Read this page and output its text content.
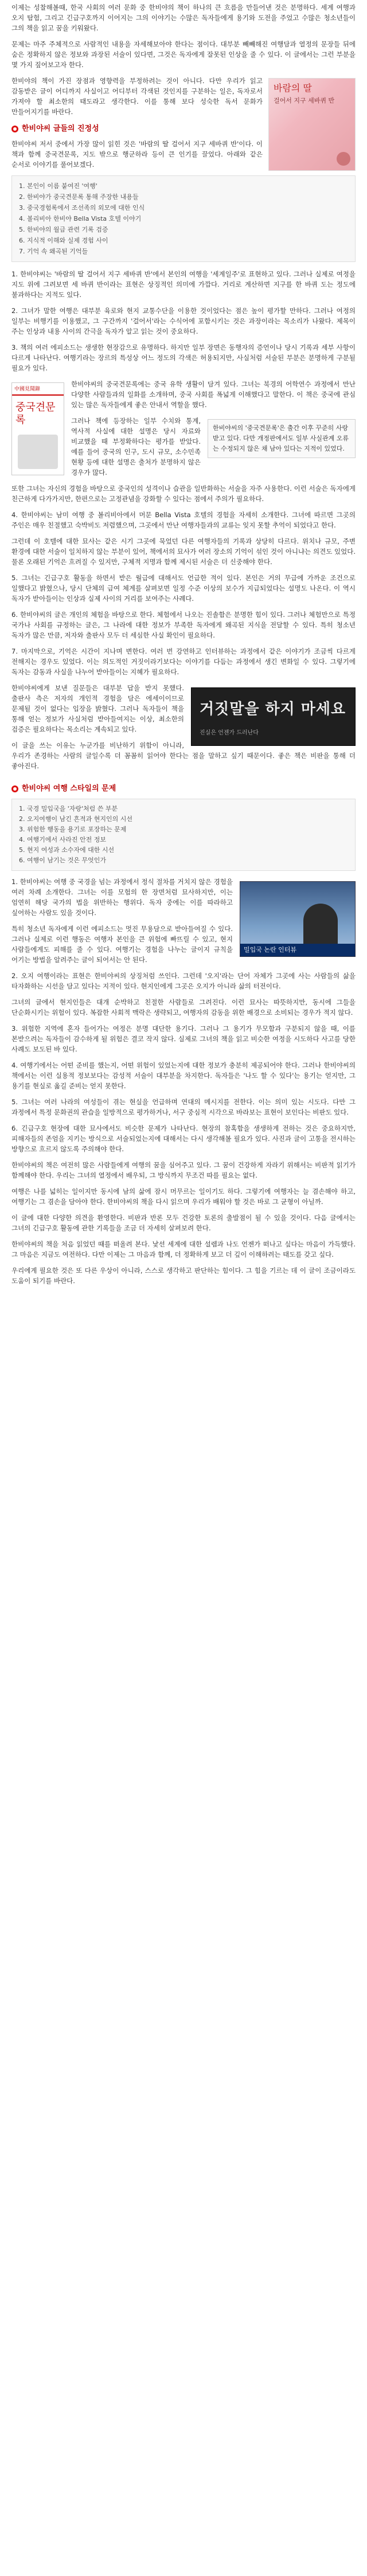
이제는 성찰해볼때, 한국 사회의 여러 문화 중 한비야의 책이 하나의 큰 흐름을 만들어낸 것은 분명하다. 세계 여행과 오지 탐험, 그리고 긴급구호까지 이어지는 그의 이야기는 수많은 독자들에게 용기와 도전을 주었고 수많은 청소년들이 그의 책을 읽고 꿈을 키워왔다.

문제는 마주 주체적으로 사람적인 내용을 자세해보아야 한다는 점이다. 대부분 빼빼해진 여행담과 열정의 문장들 뒤에 숨은 정확하지 않은 정보와 과장된 서술이 있다면, 그것은 독자에게 잘못된 인상을 줄 수 있다. 이 글에서는 그런 부분을 몇 가지 짚어보고자 한다.

바람의 딸
걸어서 지구 세바퀴 반

한비야의 책이 가진 장점과 영향력을 부정하려는 것이 아니다. 다만 우리가 읽고 감동받은 글이 어디까지 사실이고 어디부터 각색된 것인지를 구분하는 일은, 독자로서 가져야 할 최소한의 태도라고 생각한다. 이를 통해 보다 성숙한 독서 문화가 만들어지기를 바란다.

한비야씨 글들의 진정성

한비야씨 저서 중에서 가장 많이 읽힌 것은 '바람의 딸 걸어서 지구 세바퀴 반'이다. 이 책과 함께 중국견문록, 지도 밖으로 행군하라 등이 큰 인기를 끌었다. 아래와 같은 순서로 이야기를 풀어보겠다.

1. 본인이 이름 붙여진 '여행'
2. 한비야가 중국견문록 통해 주장한 내용들
3. 중국경험록에서 조선족의 외모에 대한 인식
4. 볼리비아 한비야 Bella Vista 호텔 이야기
5. 한비야의 월급 관련 기록 검증
6. 지식적 이해와 실제 경험 사이
7. 기억 속 왜곡된 기억들

1. 한비야씨는 '바람의 딸 걸어서 지구 세바퀴 반'에서 본인의 여행을 '세계일주'로 표현하고 있다. 그러나 실제로 여정을 지도 위에 그려보면 세 바퀴 반이라는 표현은 상징적인 의미에 가깝다. 거리로 계산하면 지구를 한 바퀴 도는 정도에 불과하다는 지적도 있다.

2. 그녀가 말한 여행은 대부분 육로와 현지 교통수단을 이용한 것이었다는 점은 높이 평가할 만하다. 그러나 여정의 일부는 비행기를 이용했고, 그 구간까지 '걸어서'라는 수식어에 포함시키는 것은 과장이라는 목소리가 나왔다. 제목이 주는 인상과 내용 사이의 간극을 독자가 알고 읽는 것이 중요하다.

3. 책의 여러 에피소드는 생생한 현장감으로 유명하다. 하지만 일부 장면은 동행자의 증언이나 당시 기록과 세부 사항이 다르게 나타난다. 여행기라는 장르의 특성상 어느 정도의 각색은 허용되지만, 사실처럼 서술된 부분은 분명하게 구분될 필요가 있다.

中國見聞錄
중국견문록

한비야씨의 중국견문록에는 중국 유학 생활이 담겨 있다. 그녀는 북경의 어학연수 과정에서 만난 다양한 사람들과의 일화를 소개하며, 중국 사회를 폭넓게 이해했다고 말한다. 이 책은 중국에 관심 있는 많은 독자들에게 좋은 안내서 역할을 했다.

한비야씨의 '중국견문록'은 출간 이후 꾸준히 사랑받고 있다. 다만 개정판에서도 일부 사실관계 오류는 수정되지 않은 채 남아 있다는 지적이 있었다.

그러나 책에 등장하는 일부 수치와 통계, 역사적 사실에 대한 설명은 당시 자료와 비교했을 때 부정확하다는 평가를 받았다. 예를 들어 중국의 인구, 도시 규모, 소수민족 현황 등에 대한 설명은 출처가 분명하지 않은 경우가 많다.

또한 그녀는 자신의 경험을 바탕으로 중국인의 성격이나 습관을 일반화하는 서술을 자주 사용한다. 이런 서술은 독자에게 친근하게 다가가지만, 한편으로는 고정관념을 강화할 수 있다는 점에서 주의가 필요하다.

4. 한비야씨는 남미 여행 중 볼리비아에서 머문 Bella Vista 호텔의 경험을 자세히 소개한다. 그녀에 따르면 그곳의 주인은 매우 친절했고 숙박비도 저렴했으며, 그곳에서 만난 여행자들과의 교류는 잊지 못할 추억이 되었다고 한다.

그런데 이 호텔에 대한 묘사는 같은 시기 그곳에 묵었던 다른 여행자들의 기록과 상당히 다르다. 위치나 규모, 주변 환경에 대한 서술이 일치하지 않는 부분이 있어, 책에서의 묘사가 여러 장소의 기억이 섞인 것이 아니냐는 의견도 있었다. 물론 오래된 기억은 흐려질 수 있지만, 구체적 지명과 함께 제시된 서술은 더 신중해야 한다.

5. 그녀는 긴급구호 활동을 하면서 받은 월급에 대해서도 언급한 적이 있다. 본인은 거의 무급에 가까운 조건으로 일했다고 밝혔으나, 당시 단체의 급여 체계를 살펴보면 일정 수준 이상의 보수가 지급되었다는 설명도 나온다. 이 역시 독자가 받아들이는 인상과 실제 사이의 거리를 보여주는 사례다.

6. 한비야씨의 글은 개인의 체험을 바탕으로 한다. 체험에서 나오는 진솔함은 분명한 힘이 있다. 그러나 체험만으로 특정 국가나 사회를 규정하는 글은, 그 나라에 대한 정보가 부족한 독자에게 왜곡된 지식을 전달할 수 있다. 특히 청소년 독자가 많은 만큼, 저자와 출판사 모두 더 세심한 사실 확인이 필요하다.

7. 마지막으로, 기억은 시간이 지나며 변한다. 여러 번 강연하고 인터뷰하는 과정에서 같은 이야기가 조금씩 다르게 전해지는 경우도 있었다. 이는 의도적인 거짓이라기보다는 이야기를 다듬는 과정에서 생긴 변화일 수 있다. 그렇기에 독자는 감동과 사실을 나누어 받아들이는 지혜가 필요하다.

거짓말을 하지 마세요
진실은 언젠가 드러난다

한비야씨에게 보낸 질문들은 대부분 답을 받지 못했다. 출판사 측은 저자의 개인적 경험을 담은 에세이이므로 문제될 것이 없다는 입장을 밝혔다. 그러나 독자들이 책을 통해 얻는 정보가 사실처럼 받아들여지는 이상, 최소한의 검증은 필요하다는 목소리는 계속되고 있다.

이 글을 쓰는 이유는 누군가를 비난하기 위함이 아니라, 우리가 존경하는 사람의 글일수록 더 꼼꼼히 읽어야 한다는 점을 말하고 싶기 때문이다. 좋은 책은 비판을 통해 더 좋아진다.

한비야씨 여행 스타일의 문제
1. 국경 밀입국을 '자랑'처럼 쓴 부분
2. 오지여행이 남긴 흔적과 현지인의 시선
3. 위험한 행동을 용기로 포장하는 문제
4. 여행기에서 사라진 안전 정보
5. 현지 여성과 소수자에 대한 시선
6. 여행이 남기는 것은 무엇인가
밀입국 논란 인터뷰

1. 한비야씨는 여행 중 국경을 넘는 과정에서 정식 절차를 거치지 않은 경험을 여러 차례 소개한다. 그녀는 이를 모험의 한 장면처럼 묘사하지만, 이는 엄연히 해당 국가의 법을 위반하는 행위다. 독자 중에는 이를 따라하고 싶어하는 사람도 있을 것이다.

특히 청소년 독자에게 이런 에피소드는 멋진 무용담으로 받아들여질 수 있다. 그러나 실제로 이런 행동은 여행자 본인을 큰 위험에 빠뜨릴 수 있고, 현지 사람들에게도 피해를 줄 수 있다. 여행기는 경험을 나누는 글이지 규칙을 어기는 방법을 알려주는 글이 되어서는 안 된다.

2. 오지 여행이라는 표현은 한비야씨의 상징처럼 쓰인다. 그런데 '오지'라는 단어 자체가 그곳에 사는 사람들의 삶을 타자화하는 시선을 담고 있다는 지적이 있다. 현지인에게 그곳은 오지가 아니라 삶의 터전이다.

그녀의 글에서 현지인들은 대개 순박하고 친절한 사람들로 그려진다. 이런 묘사는 따뜻하지만, 동시에 그들을 단순화시키는 위험이 있다. 복잡한 사회적 맥락은 생략되고, 여행자의 감동을 위한 배경으로 소비되는 경우가 적지 않다.

3. 위험한 지역에 혼자 들어가는 여정은 분명 대단한 용기다. 그러나 그 용기가 무모함과 구분되지 않을 때, 이를 본받으려는 독자들이 감수하게 될 위험은 결코 작지 않다. 실제로 그녀의 책을 읽고 비슷한 여정을 시도하다 사고를 당한 사례도 보도된 바 있다.

4. 여행기에서는 어떤 준비를 했는지, 어떤 위험이 있었는지에 대한 정보가 충분히 제공되어야 한다. 그러나 한비야씨의 책에서는 이런 실용적 정보보다는 감성적 서술이 대부분을 차지한다. 독자들은 '나도 할 수 있다'는 용기는 얻지만, 그 용기를 현실로 옮길 준비는 얻지 못한다.

5. 그녀는 여러 나라의 여성들이 겪는 현실을 언급하며 연대의 메시지를 전한다. 이는 의미 있는 시도다. 다만 그 과정에서 특정 문화권의 관습을 일방적으로 평가하거나, 서구 중심적 시각으로 바라보는 표현이 보인다는 비판도 있다.

6. 긴급구호 현장에 대한 묘사에서도 비슷한 문제가 나타난다. 현장의 참혹함을 생생하게 전하는 것은 중요하지만, 피해자들의 존엄을 지키는 방식으로 서술되었는지에 대해서는 다시 생각해볼 필요가 있다. 사진과 글이 고통을 전시하는 방향으로 흐르지 않도록 주의해야 한다.

한비야씨의 책은 여전히 많은 사람들에게 여행의 꿈을 심어주고 있다. 그 꿈이 건강하게 자라기 위해서는 비판적 읽기가 함께해야 한다. 우리는 그녀의 열정에서 배우되, 그 방식까지 무조건 따를 필요는 없다.

여행은 나를 넓히는 일이지만 동시에 남의 삶에 잠시 머무르는 일이기도 하다. 그렇기에 여행자는 늘 겸손해야 하고, 여행기는 그 겸손을 담아야 한다. 한비야씨의 책을 다시 읽으며 우리가 배워야 할 것은 바로 그 균형이 아닐까.

이 글에 대한 다양한 의견을 환영한다. 비판과 반론 모두 건강한 토론의 출발점이 될 수 있을 것이다. 다음 글에서는 그녀의 긴급구호 활동에 관한 기록들을 조금 더 자세히 살펴보려 한다.

한비야씨의 책을 처음 읽었던 때를 떠올려 본다. 낯선 세계에 대한 설렘과 나도 언젠가 떠나고 싶다는 마음이 가득했다. 그 마음은 지금도 여전하다. 다만 이제는 그 마음과 함께, 더 정확하게 보고 더 깊이 이해하려는 태도를 갖고 싶다.

우리에게 필요한 것은 또 다른 우상이 아니라, 스스로 생각하고 판단하는 힘이다. 그 힘을 기르는 데 이 글이 조금이라도 도움이 되기를 바란다.
